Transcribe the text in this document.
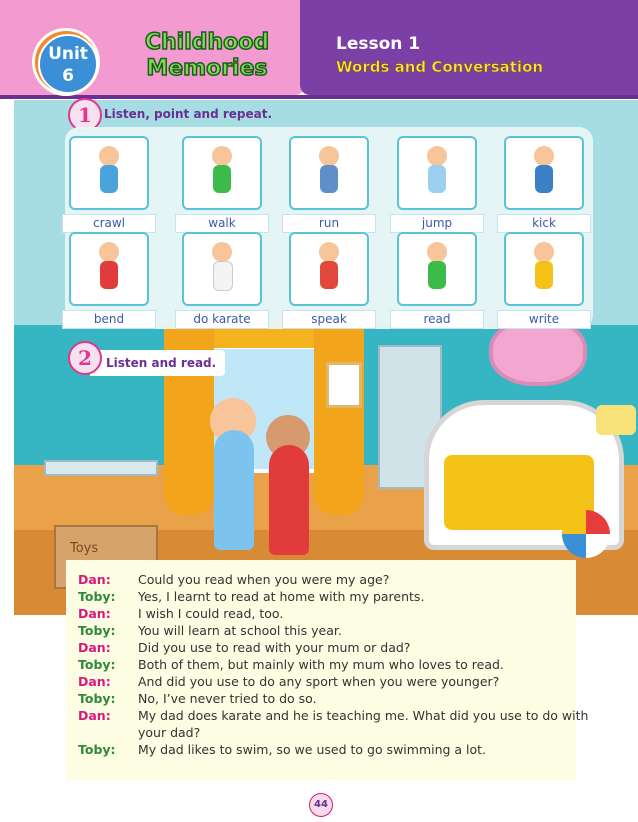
Unit
6
Childhood
Memories
Lesson 1
Words and Conversation
Toys
1	Listen, point and repeat.
crawl	walk	run	jump	kick
bend	do karate	speak	read	write
2	Listen and read.
Dan:	Could you read when you were my age?
Toby:	Yes, I learnt to read at home with my parents.
Dan:	I wish I could read, too.
Toby:	You will learn at school this year.
Dan:	Did you use to read with your mum or dad?
Toby:	Both of them, but mainly with my mum who loves to read.
Dan:	And did you use to do any sport when you were younger?
Toby:	No, I’ve never tried to do so.
Dan:	My dad does karate and he is teaching me. What did you use to do with
your dad?
Toby:	My dad likes to swim, so we used to go swimming a lot.
44
